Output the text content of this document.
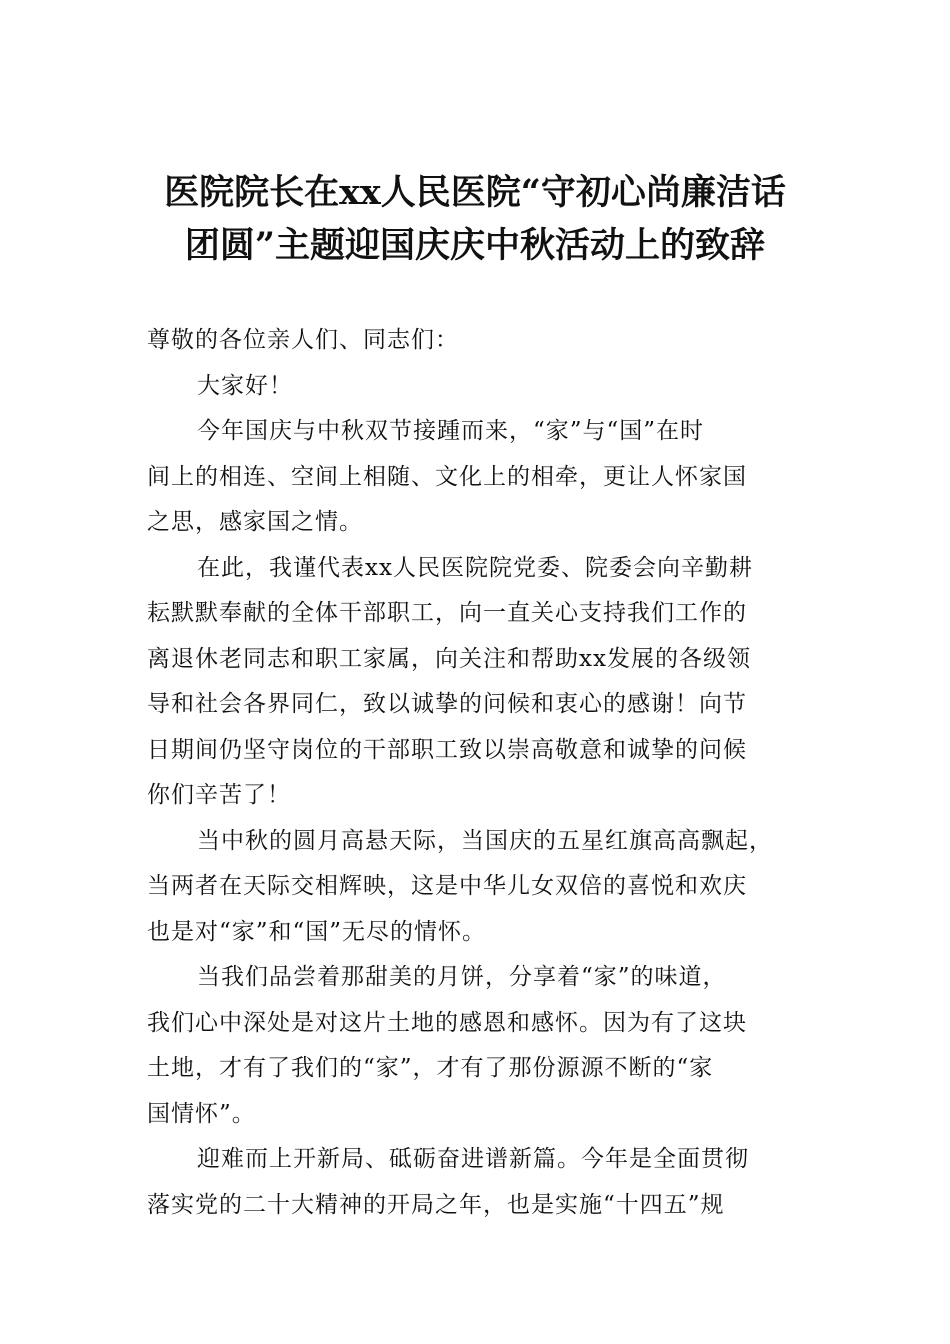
医院院长在xx人民医院“守初心尚廉洁话
团圆”主题迎国庆庆中秋活动上的致辞
尊敬的各位亲人们、同志们：
大家好！
今年国庆与中秋双节接踵而来，“家”与“国”在时
间上的相连、空间上相随、文化上的相牵，更让人怀家国
之思，感家国之情。
在此，我谨代表xx人民医院院党委、院委会向辛勤耕
耘默默奉献的全体干部职工，向一直关心支持我们工作的
离退休老同志和职工家属，向关注和帮助xx发展的各级领
导和社会各界同仁，致以诚挚的问候和衷心的感谢！向节
日期间仍坚守岗位的干部职工致以崇高敬意和诚挚的问候
你们辛苦了！
当中秋的圆月高悬天际，当国庆的五星红旗高高飘起，
当两者在天际交相辉映，这是中华儿女双倍的喜悦和欢庆
也是对“家”和“国”无尽的情怀。
当我们品尝着那甜美的月饼，分享着“家”的味道，
我们心中深处是对这片土地的感恩和感怀。因为有了这块
土地，才有了我们的“家”，才有了那份源源不断的“家
国情怀”。
迎难而上开新局、砥砺奋进谱新篇。今年是全面贯彻
落实党的二十大精神的开局之年，也是实施“十四五”规
